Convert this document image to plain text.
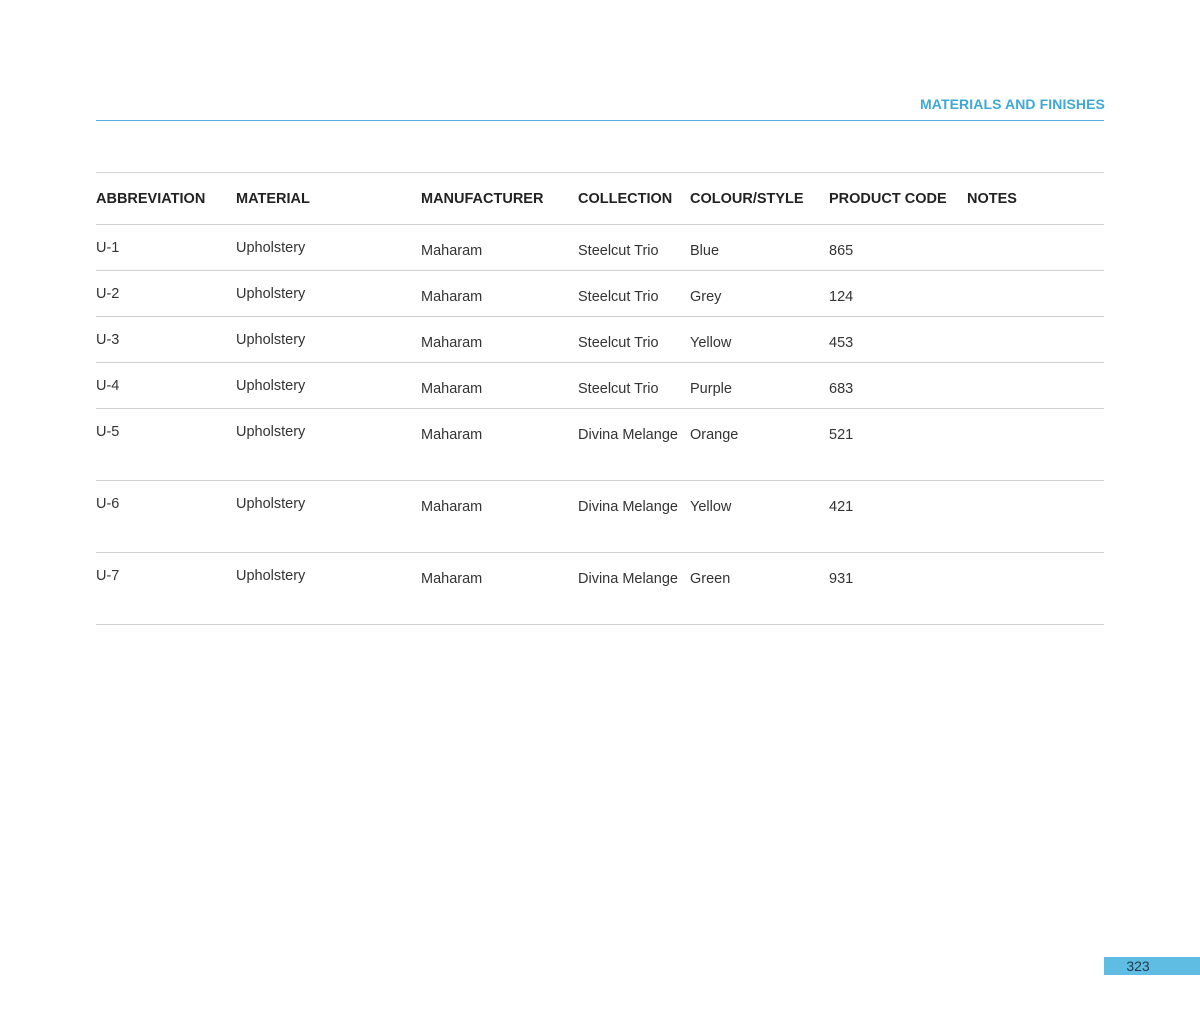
MATERIALS AND FINISHES
ABBREVIATION	MATERIAL	MANUFACTURER	COLLECTION	COLOUR/STYLE	PRODUCT CODE	NOTES
U-1	Upholstery	Maharam	Steelcut Trio	Blue	865	
U-2	Upholstery	Maharam	Steelcut Trio	Grey	124	
U-3	Upholstery	Maharam	Steelcut Trio	Yellow	453	
U-4	Upholstery	Maharam	Steelcut Trio	Purple	683	
U-5	Upholstery	Maharam	Divina Melange	Orange	521	
U-6	Upholstery	Maharam	Divina Melange	Yellow	421	
U-7	Upholstery	Maharam	Divina Melange	Green	931	
323
